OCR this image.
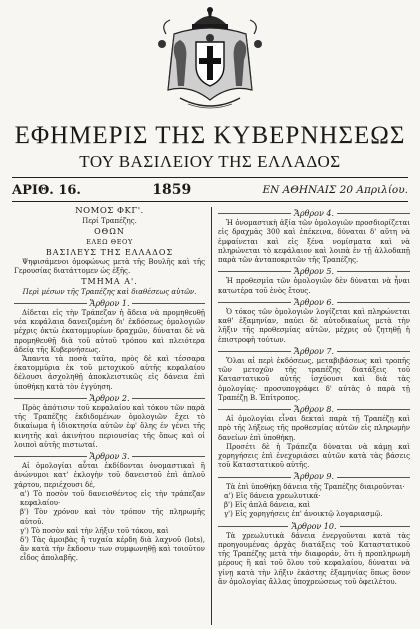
ΕΦΗΜΕΡΙΣ ΤΗΣ ΚΥΒΕΡΝΗΣΕΩΣ
ΤΟΥ ΒΑΣΙΛΕΙΟΥ ΤΗΣ ΕΛΛΑΔΟΣ
ΑΡΙΘ. 16.	1859	ΕΝ ΑΘΗΝΑΙΣ 20 Απριλίου.
ΝΟΜΟΣ ΦΚΓ'.
Περί Τραπέζης.
ΟΘΩΝ
ΕΛΕΩ ΘΕΟΥ
ΒΑΣΙΛΕΥΣ ΤΗΣ ΕΛΛΑΔΟΣ

Ψηφισάμενοι ὁμοφώνως μετὰ τῆς Βουλῆς καὶ τῆς Γερουσίας διατάττομεν ὡς ἑξῆς.

ΤΜΗΜΑ Α'.
Περὶ μέσων τῆς Τραπέζης καὶ διαθέσεως αὐτῶν.
Ἄρθρον 1.

Δίδεται εἰς τὴν Τράπεζαν ἡ ἄδεια νὰ προμηθευθῇ νέα κεφάλαια δανειζομένη δι' ἐκδόσεως ὁμολογιῶν μέχρις ὀκτὼ ἑκατομμυρίων δραχμῶν, δύναται δὲ νὰ προμηθευθῇ διὰ τοῦ αὐτοῦ τρόπου καὶ πλειότερα ἀδείᾳ τῆς Κυβερνήσεως.

Ἅπαντα τὰ ποσὰ ταῦτα, πρὸς δὲ καὶ τέσσαρα ἑκατομμύρια ἐκ τοῦ μετοχικοῦ αὐτῆς κεφαλαίου δέλουσι ἀσχοληθῇ ἀποκλειστικῶς εἰς δάνεια ἐπὶ ὑποθήκῃ κατὰ τὸν ἐγγύηση.

Ἄρθρον 2.

Πρὸς ἀπότισιν τοῦ κεφαλαίου καὶ τόκου τῶν παρὰ τῆς Τραπέζης ἐκδιδομένων ὁμολογιῶν ἔχει τὸ δικαίωμα ἡ ἰδιοκτησία αὐτῶν ἐφ' ὅλης ἐν γένει τῆς κινητῆς καὶ ἀκινήτου περιουσίας τῆς ὅπως καὶ οἱ λοιποὶ αὐτῆς πιστωταί.

Ἄρθρον 3.

Αἱ ὁμολογίαι αὗται ἐκδίδονται ὀνομαστικαὶ ἢ ἀνώνυμοι κατ' ἐκλογὴν τοῦ δανειστοῦ ἐπὶ ἁπλοῦ χάρτου, περιέχουσι δέ,

α') Τὸ ποσὸν τοῦ δανεισθέντος εἰς τὴν τράπεζαν κεφαλαίου·

β') Τὸν χρόνον καὶ τὸν τρόπον τῆς πληρωμῆς αὐτοῦ.

γ') Τὸ ποσὸν καὶ τὴν λῆξιν τοῦ τόκου, καὶ

δ') Τὰς ἀμοιβὰς ἢ τυχαία κέρδη διὰ λαχνοῦ (lots), ἂν κατὰ τὴν ἔκδοσιν των συμφωνηθῇ καὶ τοιοῦτον εἶδος ἀπολαβῆς.

Ἄρθρον 4.

Ἡ ὀνομαστικὴ ἀξία τῶν ὁμολογιῶν προσδιορίζεται εἰς δραχμὰς 300 καὶ ἐπέκεινα, δύναται δ' αὕτη νὰ ἐμφαίνεται καὶ εἰς ξένα νομίσματα καὶ νὰ πληρώνεται τὸ κεφάλαιον καὶ λοιπὰ ἐν τῇ ἀλλοδαπῇ παρὰ τῶν ἀνταποκριτῶν τῆς Τραπέζης.

Ἄρθρον 5.

Ἡ προθεσμία τῶν ὁμολογιῶν δὲν δύναται νὰ ἦναι κατωτέρα τοῦ ἑνὸς ἔτους.

Ἄρθρον 6.

Ὁ τόκος τῶν ὁμολογιῶν λογίζεται καὶ πληρώνεται καθ' ἑξαμηνίαν, παύει δὲ αὐτοδικαίως μετὰ τὴν λῆξιν τῆς προθεσμίας αὐτῶν, μέχρις οὗ ζητηθῇ ἡ ἐπιστροφὴ τούτων.

Ἄρθρον 7.

Ὅλαι αἱ περὶ ἐκδόσεως, μεταβιβάσεως καὶ τροπῆς τῶν μετοχῶν τῆς τραπέζης διατάξεις τοῦ Καταστατικοῦ αὐτῆς ἰσχύουσι καὶ διὰ τὰς ὁμολογίας· προσυπογράφει δ' αὐτὰς ὁ παρὰ τῇ Τραπέζῃ Β. Ἐπίτροπος.

Ἄρθρον 8.

Αἱ ὁμολογίαι εἶναι δεκταὶ παρὰ τῇ Τραπέζῃ καὶ πρὸ τῆς λήξεως τῆς προθεσμίας αὐτῶν εἰς πληρωμὴν δανείων ἐπὶ ὑποθήκῃ.

Προσέτι δὲ ἡ Τράπεζα δύναται νὰ κάμῃ καὶ χορηγήσεις ἐπὶ ἐνεχυριάσει αὐτῶν κατὰ τὰς βάσεις τοῦ Καταστατικοῦ αὐτῆς.

Ἄρθρον 9.

Τὰ ἐπὶ ὑποθήκῃ δάνεια τῆς Τραπέζης διαιροῦνται·

α') Εἰς δάνεια χρεωλυτικά·

β') Εἰς ἁπλᾶ δάνεια, καὶ

γ') Εἰς χορηγήσεις ἐπ' ἀνοικτῷ λογαριασμῷ.

Ἄρθρον 10.

Τὰ χρεωλυτικὰ δάνεια ἐνεργοῦνται κατὰ τὰς προηγουμένας ἀρχὰς διατάξεις τοῦ Καταστατικοῦ τῆς Τραπέζης μετὰ τὴν διαφοράν, ὅτι ἡ προπληρωμὴ μέρους ἢ καὶ τοῦ ὅλου τοῦ κεφαλαίου, δύναται νὰ γίνῃ κατὰ τὴν λῆξιν ἑκάστης ἑξαμηνίας ὅπως ὅσον ἂν ὁμολογίας ἄλλας ὑποχρεώσεως τοῦ ὀφειλέτου.
